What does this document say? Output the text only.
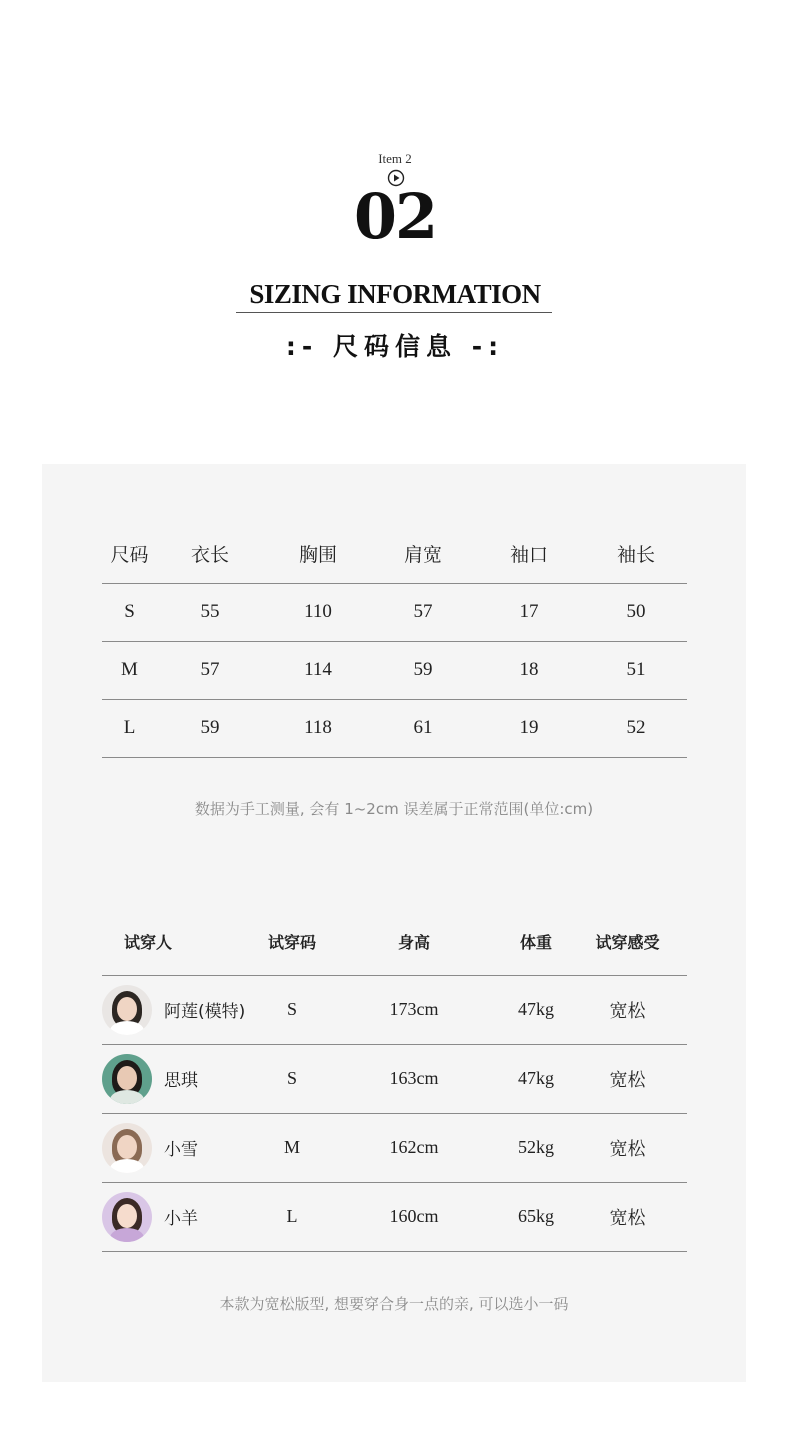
Item 2
02
SIZING INFORMATION
:- 尺码信息 -:
尺码	衣长	胸围	肩宽	袖口	袖长
S	55	110	57	17	50
M	57	114	59	18	51
L	59	118	61	19	52
数据为手工测量, 会有 1~2cm 误差属于正常范围(单位:cm)
试穿人	试穿码	身高	体重	试穿感受

阿莲(模特)	S	173cm	47kg	宽松

思琪	S	163cm	47kg	宽松

小雪	M	162cm	52kg	宽松

小羊	L	160cm	65kg	宽松
本款为宽松版型, 想要穿合身一点的亲, 可以选小一码
